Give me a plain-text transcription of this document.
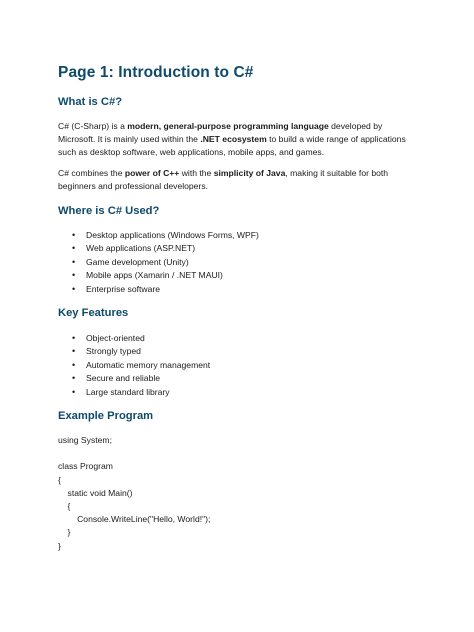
Page 1: Introduction to C#
What is C#?
C# (C-Sharp) is a modern, general-purpose programming language developed by Microsoft. It is mainly used within the .NET ecosystem to build a wide range of applications such as desktop software, web applications, mobile apps, and games.
C# combines the power of C++ with the simplicity of Java, making it suitable for both beginners and professional developers.
Where is C# Used?
• Desktop applications (Windows Forms, WPF)
• Web applications (ASP.NET)
• Game development (Unity)
• Mobile apps (Xamarin / .NET MAUI)
• Enterprise software
Key Features
• Object-oriented
• Strongly typed
• Automatic memory management
• Secure and reliable
• Large standard library
Example Program
using System;
class Program
{
static void Main()
{
Console.WriteLine("Hello, World!");
}
}
